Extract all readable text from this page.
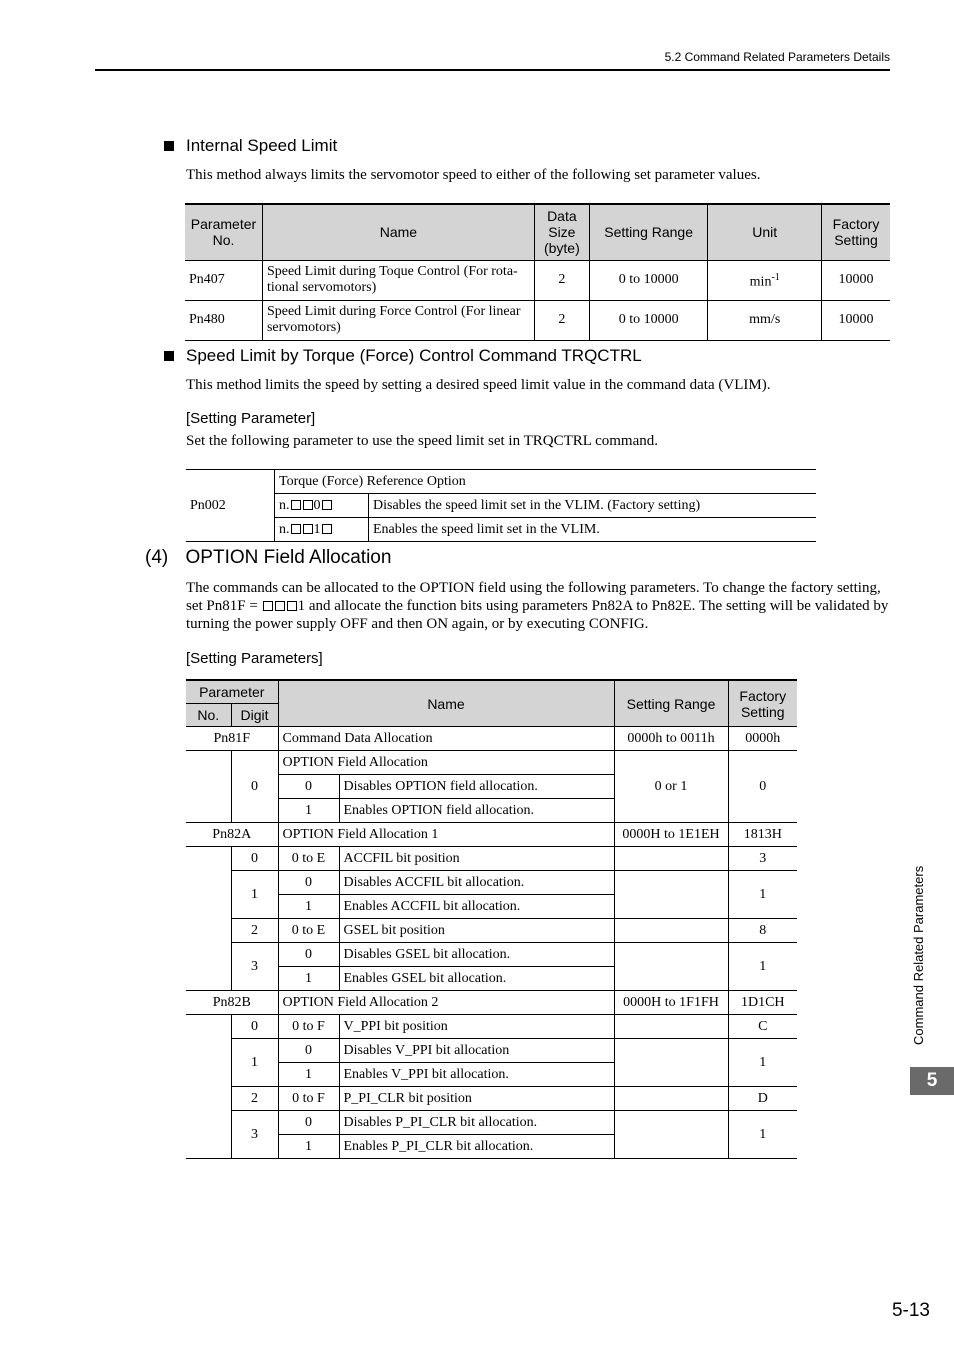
5.2 Command Related Parameters Details
Internal Speed Limit
This method always limits the servomotor speed to either of the following set parameter values.
Parameter No.	Name	Data Size (byte)	Setting Range	Unit	Factory Setting
Pn407	Speed Limit during Toque Control (For rota-tional servomotors)	2	0 to 10000	$\min^{-1}$	10000
Pn480	Speed Limit during Force Control (For linear servomotors)	2	0 to 10000	mm/s	10000
Speed Limit by Torque (Force) Control Command TRQCTRL
This method limits the speed by setting a desired speed limit value in the command data (VLIM).
[Setting Parameter]
Set the following parameter to use the speed limit set in TRQCTRL command.
Pn002	Torque (Force) Reference Option	
	n. 0	Disables the speed limit set in the VLIM. (Factory setting)
	n. 1	Enables the speed limit set in the VLIM.
(4) OPTION Field Allocation
The commands can be allocated to the OPTION field using the following parameters. To change the factory setting, set Pn81F = 1 and allocate the function bits using parameters Pn82A to Pn82E. The setting will be validated by turning the power supply OFF and then ON again, or by executing CONFIG.
[Setting Parameters]
Parameter		Name		Setting Range	Factory Setting
No.	Digit				
Pn81F		Command Data Allocation		0000h to 0011h	0000h
	0	OPTION Field Allocation		0 or 1	0
		0	Disables OPTION field allocation.		
		1	Enables OPTION field allocation.		
Pn82A		OPTION Field Allocation 1		0000H to 1E1EH	1813H
	0	0 to E	ACCFIL bit position		3
	1	0	Disables ACCFIL bit allocation.		1
		1	Enables ACCFIL bit allocation.		
	2	0 to E	GSEL bit position		8
	3	0	Disables GSEL bit allocation.		1
		1	Enables GSEL bit allocation.		
Pn82B		OPTION Field Allocation 2		0000H to 1F1FH	1D1CH
	0	0 to F	V_PPI bit position		C
	1	0	Disables V_PPI bit allocation		1
		1	Enables V_PPI bit allocation.		
	2	0 to F	P_PI_CLR bit position		D
	3	0	Disables P_PI_CLR bit allocation.		1
		1	Enables P_PI_CLR bit allocation.		
Command Related Parameters
5
5-13
